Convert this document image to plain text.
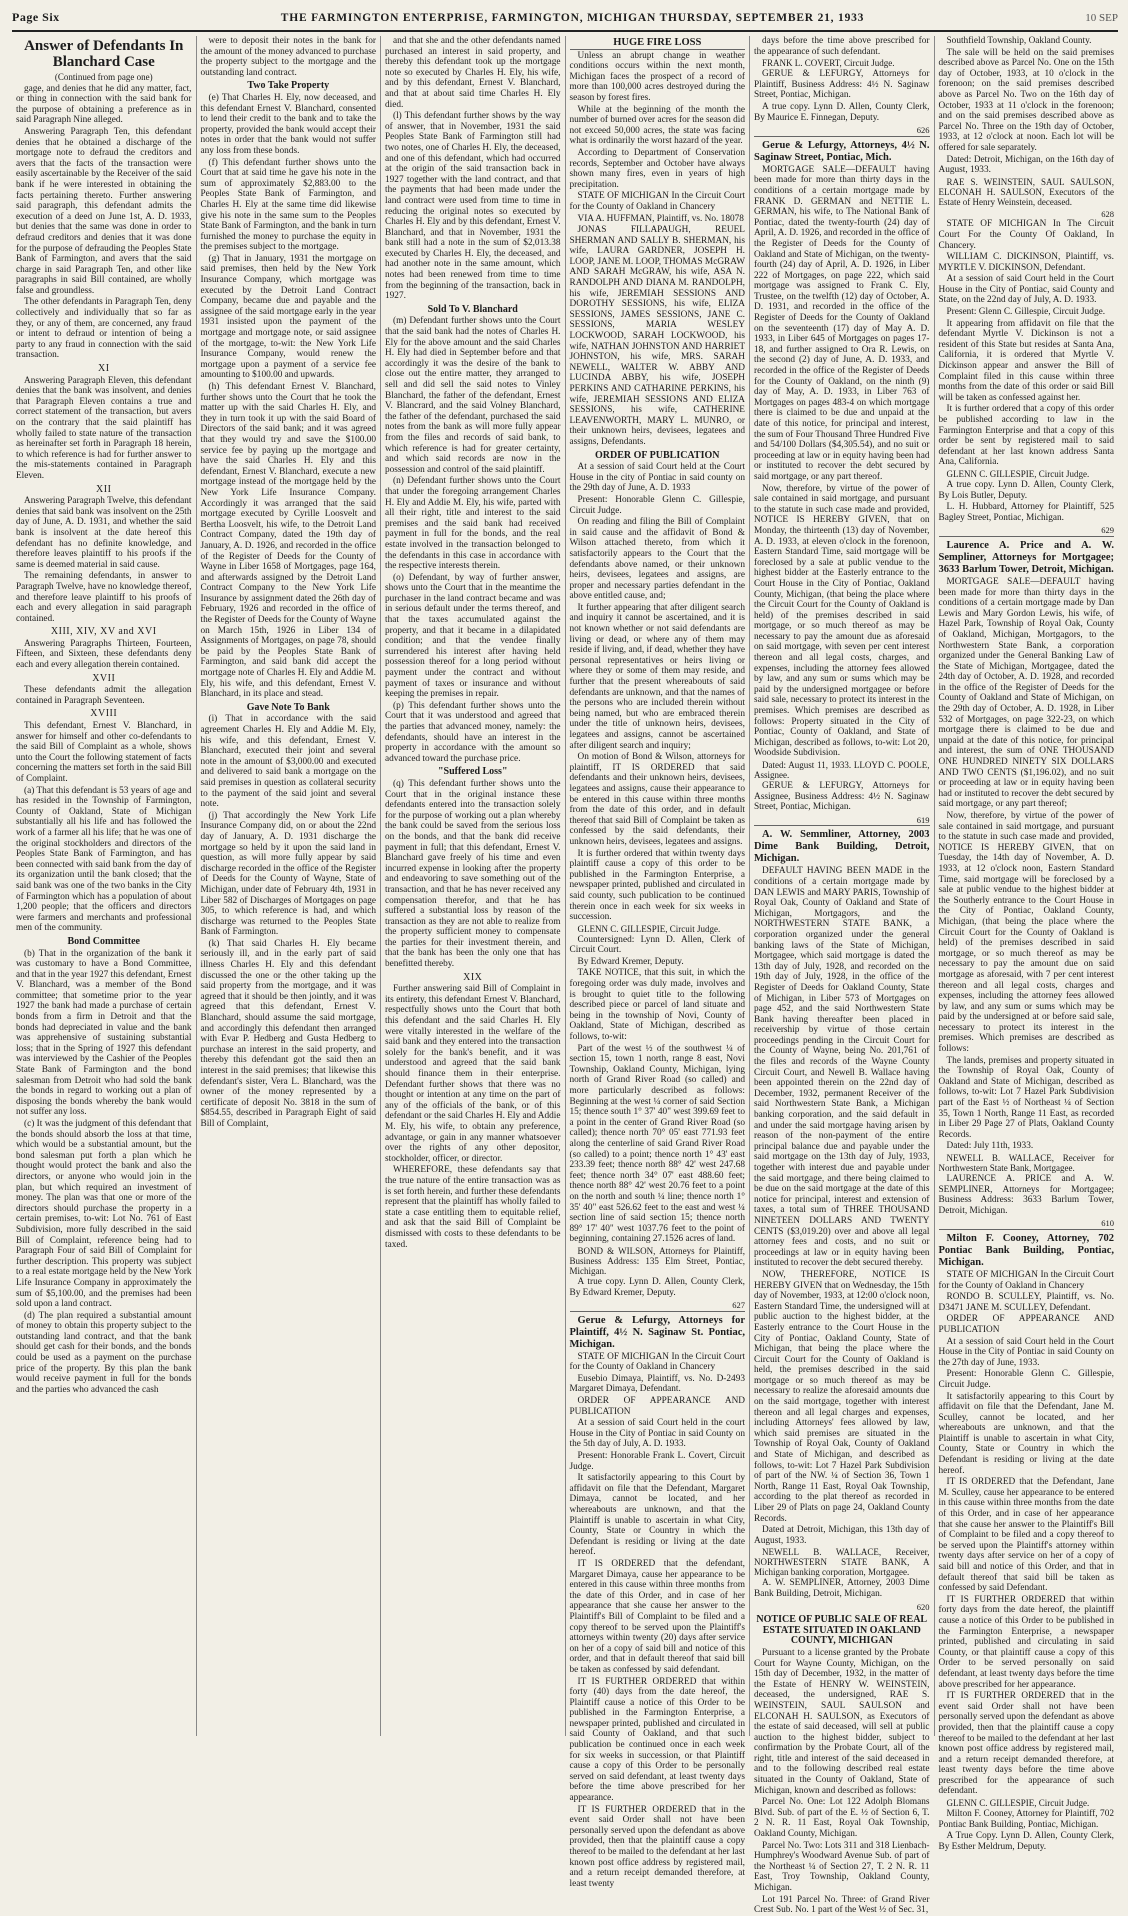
Page Six	THE FARMINGTON ENTERPRISE, FARMINGTON, MICHIGAN THURSDAY, SEPTEMBER 21, 1933	10 SEP
Answer of Defendants In Blanchard Case
(Continued from page one)

gage, and denies that he did any matter, fact, or thing in connection with the said bank for the purpose of obtaining a preference as in said Paragraph Nine alleged.

Answering Paragraph Ten, this defendant denies that he obtained a discharge of the mortgage note to defraud the creditors and avers that the facts of the transaction were easily ascertainable by the Receiver of the said bank if he were interested in obtaining the facts pertaining thereto. Further answering said paragraph, this defendant admits the execution of a deed on June 1st, A. D. 1933, but denies that the same was done in order to defraud creditors and denies that it was done for the purpose of defrauding the Peoples State Bank of Farmington, and avers that the said charge in said Paragraph Ten, and other like paragraphs in said Bill contained, are wholly false and groundless.

The other defendants in Paragraph Ten, deny collectively and individually that so far as they, or any of them, are concerned, any fraud or intent to defraud or intention of being a party to any fraud in connection with the said transaction.

XI

Answering Paragraph Eleven, this defendant denies that the bank was insolvent, and denies that Paragraph Eleven contains a true and correct statement of the transaction, but avers on the contrary that the said plaintiff has wholly failed to state nature of the transaction as hereinafter set forth in Paragraph 18 herein, to which reference is had for further answer to the mis-statements contained in Paragraph Eleven.

XII

Answering Paragraph Twelve, this defendant denies that said bank was insolvent on the 25th day of June, A. D. 1931, and whether the said bank is insolvent at the date hereof this defendant has no definite knowledge, and therefore leaves plaintiff to his proofs if the same is deemed material in said cause.

The remaining defendants, in answer to Paragraph Twelve, have no knowledge thereof, and therefore leave plaintiff to his proofs of each and every allegation in said paragraph contained.

XIII, XIV, XV and XVI

Answering Paragraphs Thirteen, Fourteen, Fifteen, and Sixteen, these defendants deny each and every allegation therein contained.

XVII

These defendants admit the allegation contained in Paragraph Seventeen.

XVIII

This defendant, Ernest V. Blanchard, in answer for himself and other co-defendants to the said Bill of Complaint as a whole, shows unto the Court the following statement of facts concerning the matters set forth in the said Bill of Complaint.

(a) That this defendant is 53 years of age and has resided in the Township of Farmington, County of Oakland, State of Michigan substantially all his life and has followed the work of a farmer all his life; that he was one of the original stockholders and directors of the Peoples State Bank of Farmington, and has been connected with said bank from the day of its organization until the bank closed; that the said bank was one of the two banks in the City of Farmington which has a population of about 1,200 people; that the officers and directors were farmers and merchants and professional men of the community.

Bond Committee

(b) That in the organization of the bank it was customary to have a Bond Committee, and that in the year 1927 this defendant, Ernest V. Blanchard, was a member of the Bond committee; that sometime prior to the year 1927 the bank had made a purchase of certain bonds from a firm in Detroit and that the bonds had depreciated in value and the bank was apprehensive of sustaining substantial loss; that in the Spring of 1927 this defendant was interviewed by the Cashier of the Peoples State Bank of Farmington and the bond salesman from Detroit who had sold the bank the bonds in regard to working out a plan of disposing the bonds whereby the bank would not suffer any loss.

(c) It was the judgment of this defendant that the bonds should absorb the loss at that time, which would be a substantial amount, but the bond salesman put forth a plan which he thought would protect the bank and also the directors, or anyone who would join in the plan, but which required an investment of money. The plan was that one or more of the directors should purchase the property in a certain premises, to-wit: Lot No. 761 of East Subdivision, more fully described in the said Bill of Complaint, reference being had to Paragraph Four of said Bill of Complaint for further description. This property was subject to a real estate mortgage held by the New York Life Insurance Company in approximately the sum of $5,100.00, and the premises had been sold upon a land contract.

(d) The plan required a substantial amount of money to obtain this property subject to the outstanding land contract, and that the bank should get cash for their bonds, and the bonds could be used as a payment on the purchase price of the property. By this plan the bank would receive payment in full for the bonds and the parties who advanced the cash

were to deposit their notes in the bank for the amount of the money advanced to purchase the property subject to the mortgage and the outstanding land contract.

Two Take Property

(e) That Charles H. Ely, now deceased, and this defendant Ernest V. Blanchard, consented to lend their credit to the bank and to take the property, provided the bank would accept their notes in order that the bank would not suffer any loss from these bonds.

(f) This defendant further shows unto the Court that at said time he gave his note in the sum of approximately $2,883.00 to the Peoples State Bank of Farmington, and Charles H. Ely at the same time did likewise give his note in the same sum to the Peoples State Bank of Farmington, and the bank in turn furnished the money to purchase the equity in the premises subject to the mortgage.

(g) That in January, 1931 the mortgage on said premises, then held by the New York Insurance Company, which mortgage was executed by the Detroit Land Contract Company, became due and payable and the assignee of the said mortgage early in the year 1931 insisted upon the payment of the mortgage and mortgage note, or said assignee of the mortgage, to-wit: the New York Life Insurance Company, would renew the mortgage upon a payment of a service fee amounting to $100.00 and upwards.

(h) This defendant Ernest V. Blanchard, further shows unto the Court that he took the matter up with the said Charles H. Ely, and they in turn took it up with the said Board of Directors of the said bank; and it was agreed that they would try and save the $100.00 service fee by paying up the mortgage and have the said Charles H. Ely and this defendant, Ernest V. Blanchard, execute a new mortgage instead of the mortgage held by the New York Life Insurance Company. Accordingly it was arranged that the said mortgage executed by Cyrille Loosvelt and Bertha Loosvelt, his wife, to the Detroit Land Contract Company, dated the 19th day of January, A. D. 1926, and recorded in the office of the Register of Deeds for the County of Wayne in Liber 1658 of Mortgages, page 164, and afterwards assigned by the Detroit Land Contract Company to the New York Life Insurance by assignment dated the 26th day of February, 1926 and recorded in the office of the Register of Deeds for the County of Wayne on March 15th, 1926 in Liber 134 of Assignments of Mortgages, on page 78, should be paid by the Peoples State Bank of Farmington, and said bank did accept the mortgage note of Charles H. Ely and Addie M. Ely, his wife, and this defendant, Ernest V. Blanchard, in its place and stead.

Gave Note To Bank

(i) That in accordance with the said agreement Charles H. Ely and Addie M. Ely, his wife, and this defendant, Ernest V. Blanchard, executed their joint and several note in the amount of $3,000.00 and executed and delivered to said bank a mortgage on the said premises in question as collateral security to the payment of the said joint and several note.

(j) That accordingly the New York Life Insurance Company did, on or about the 22nd day of January, A. D. 1931 discharge the mortgage so held by it upon the said land in question, as will more fully appear by said discharge recorded in the office of the Register of Deeds for the County of Wayne, State of Michigan, under date of February 4th, 1931 in Liber 582 of Discharges of Mortgages on page 305, to which reference is had, and which discharge was returned to the Peoples State Bank of Farmington.

(k) That said Charles H. Ely became seriously ill, and in the early part of said illness Charles H. Ely and this defendant discussed the one or the other taking up the said property from the mortgage, and it was agreed that it should be then jointly, and it was agreed that this defendant, Ernest V. Blanchard, should assume the said mortgage, and accordingly this defendant then arranged with Evar P. Hedberg and Gusta Hedberg to purchase an interest in the said property, and thereby this defendant got the said then an interest in the said premises; that likewise this defendant's sister, Vera L. Blanchard, was the owner of the money represented by a certificate of deposit No. 3818 in the sum of $854.55, described in Paragraph Eight of said Bill of Complaint,

and that she and the other defendants named purchased an interest in said property, and thereby this defendant took up the mortgage note so executed by Charles H. Ely, his wife, and by this defendant, Ernest V. Blanchard, and that at about said time Charles H. Ely died.

(l) This defendant further shows by the way of answer, that in November, 1931 the said Peoples State Bank of Farmington still had two notes, one of Charles H. Ely, the deceased, and one of this defendant, which had occurred at the origin of the said transaction back in 1927 together with the land contract, and that the payments that had been made under the land contract were used from time to time in reducing the original notes so executed by Charles H. Ely and by this defendant, Ernest V. Blanchard, and that in November, 1931 the bank still had a note in the sum of $2,013.38 executed by Charles H. Ely, the deceased, and had another note in the same amount, which notes had been renewed from time to time from the beginning of the transaction, back in 1927.

Sold To V. Blanchard

(m) Defendant further shows unto the Court that the said bank had the notes of Charles H. Ely for the above amount and the said Charles H. Ely had died in September before and that accordingly it was the desire of the bank to close out the entire matter, they arranged to sell and did sell the said notes to Vinley Blanchard, the father of the defendant, Ernest V. Blancrard, and the said Volney Blanchard, the father of the defendant, purchased the said notes from the bank as will more fully appear from the files and records of said bank, to which reference is had for greater certainty, and which said records are now in the possession and control of the said plaintiff.

(n) Defendant further shows unto the Court that under the foregoing arrangement Charles H. Ely and Addie M. Ely, his wife, parted with all their right, title and interest to the said premises and the said bank had received payment in full for the bonds, and the real estate involved in the transaction belonged to the defendants in this case in accordance with the respective interests therein.

(o) Defendant, by way of further answer, shows unto the Court that in the meantime the purchaser in the land contract became and was in serious default under the terms thereof, and that the taxes accumulated against the property, and that it became in a dilapidated condition; and that the vendee finally surrendered his interest after having held possession thereof for a long period without payment under the contract and without payment of taxes or insurance and without keeping the premises in repair.

(p) This defendant further shows unto the Court that it was understood and agreed that the parties that advanced money, namely: the defendants, should have an interest in the property in accordance with the amount so advanced toward the purchase price.

"Suffered Loss"

(q) This defendant further shows unto the Court that in the original instance these defendants entered into the transaction solely for the purpose of working out a plan whereby the bank could be saved from the serious loss on the bonds, and that the bank did receive payment in full; that this defendant, Ernest V. Blanchard gave freely of his time and even incurred expense in looking after the property and endeavoring to save something out of the transaction, and that he has never received any compensation therefor, and that he has suffered a substantial loss by reason of the transaction as they are not able to realize from the property sufficient money to compensate the parties for their investment therein, and that the bank has been the only one that has benefitted thereby.

XIX

Further answering said Bill of Complaint in its entirety, this defendant Ernest V. Blanchard, respectfully shows unto the Court that both this defendant and the said Charles H. Ely were vitally interested in the welfare of the said bank and they entered into the transaction solely for the bank's benefit, and it was understood and agreed that the said bank should finance them in their enterprise. Defendant further shows that there was no thought or intention at any time on the part of any of the officials of the bank, or of this defendant or the said Charles H. Ely and Addie M. Ely, his wife, to obtain any preference, advantage, or gain in any manner whatsoever over the rights of any other depositor, stockholder, officer, or director.

WHEREFORE, these defendants say that the true nature of the entire transaction was as is set forth herein, and further these defendants represent that the plaintiff has wholly failed to state a case entitling them to equitable relief, and ask that the said Bill of Complaint be dismissed with costs to these defendants to be taxed.

HUGE FIRE LOSS

Unless an abrupt change in weather conditions occurs within the next month, Michigan faces the prospect of a record of more than 100,000 acres destroyed during the season by forest fires.

While at the beginning of the month the number of burned over acres for the season did not exceed 50,000 acres, the state was facing what is ordinarily the worst hazard of the year.

According to Department of Conservation records, September and October have always shown many fires, even in years of high precipitation.

STATE OF MICHIGAN In the Circuit Court for the County of Oakland in Chancery

VIA A. HUFFMAN, Plaintiff, vs. No. 18078

JONAS FILLAPAUGH, REUEL SHERMAN AND SALLY B. SHERMAN, his wife, LAURA GARDNER, JOSEPH H. LOOP, JANE M. LOOP, THOMAS McGRAW AND SARAH McGRAW, his wife, ASA N. RANDOLPH AND DIANA M. RANDOLPH, his wife, JEREMIAH SESSIONS AND DOROTHY SESSIONS, his wife, ELIZA SESSIONS, JAMES SESSIONS, JANE C. SESSIONS, MARIA WESLEY LOCKWOOD, SARAH LOCKWOOD, his wife, NATHAN JOHNSTON AND HARRIET JOHNSTON, his wife, MRS. SARAH NEWELL, WALTER W. ABBY AND LUCINDA ABBY, his wife, JOSEPH PERKINS AND CATHARINE PERKINS, his wife, JEREMIAH SESSIONS AND ELIZA SESSIONS, his wife, CATHERINE LEAVENWORTH, MARY L. MUNRO, or their unknown heirs, devisees, legatees and assigns, Defendants.

ORDER OF PUBLICATION

At a session of said Court held at the Court House in the city of Pontiac in said county on the 29th day of June, A. D. 1933

Present: Honorable Glenn C. Gillespie, Circuit Judge.

On reading and filing the Bill of Complaint in said cause and the affidavit of Bond & Wilson attached thereto, from which it satisfactorily appears to the Court that the defendants above named, or their unknown heirs, devisees, legatees and assigns, are proper and necessary parties defendant in the above entitled cause, and;

It further appearing that after diligent search and inquiry it cannot be ascertained, and it is not known whether or not said defendants are living or dead, or where any of them may reside if living, and, if dead, whether they have personal representatives or heirs living or where they or some of them may reside, and further that the present whereabouts of said defendants are unknown, and that the names of the persons who are included therein without being named, but who are embraced therein under the title of unknown heirs, devisees, legatees and assigns, cannot be ascertained after diligent search and inquiry;

On motion of Bond & Wilson, attorneys for plaintiff, IT IS ORDERED that said defendants and their unknown heirs, devisees, legatees and assigns, cause their appearance to be entered in this cause within three months from the date of this order, and in default thereof that said Bill of Complaint be taken as confessed by the said defendants, their unknown heirs, devisees, legatees and assigns.

It is further ordered that within twenty days plaintiff cause a copy of this order to be published in the Farmington Enterprise, a newspaper printed, published and circulated in said county, such publication to be continued therein once in each week for six weeks in succession.

GLENN C. GILLESPIE, Circuit Judge.

Countersigned: Lynn D. Allen, Clerk of Circuit Court.

By Edward Kremer, Deputy.

TAKE NOTICE, that this suit, in which the foregoing order was duly made, involves and is brought to quiet title to the following described piece or parcel of land situate and being in the township of Novi, County of Oakland, State of Michigan, described as follows, to-wit:

Part of the west ½ of the southwest ¼ of section 15, town 1 north, range 8 east, Novi Township, Oakland County, Michigan, lying north of Grand River Road (so called) and more particularly described as follows: Beginning at the west ¼ corner of said Section 15; thence south 1° 37' 40" west 399.69 feet to a point in the center of Grand River Road (so called); thence north 70° 05' east 771.93 feet along the centerline of said Grand River Road (so called) to a point; thence north 1° 43' east 233.39 feet; thence north 88° 42' west 247.68 feet; thence north 34° 07' east 488.60 feet; thence north 88° 42' west 20.76 feet to a point on the north and south ¼ line; thence north 1° 35' 40" east 526.62 feet to the east and west ¼ section line of said section 15; thence north 89° 17' 40" west 1037.76 feet to the point of beginning, containing 27.1526 acres of land.

BOND & WILSON, Attorneys for Plaintiff, Business Address: 135 Elm Street, Pontiac, Michigan.

A true copy. Lynn D. Allen, County Clerk, By Edward Kremer, Deputy.

627

Gerue & Lefurgy, Attorneys for Plaintiff, 4½ N. Saginaw St. Pontiac, Michigan.

STATE OF MICHIGAN In the Circuit Court for the County of Oakland in Chancery

Eusebio Dimaya, Plaintiff, vs. No. D-2493 Margaret Dimaya, Defendant.

ORDER OF APPEARANCE AND PUBLICATION

At a session of said Court held in the court House in the City of Pontiac in said County on the 5th day of July, A. D. 1933.

Present: Honorable Frank L. Covert, Circuit Judge.

It satisfactorily appearing to this Court by affidavit on file that the Defendant, Margaret Dimaya, cannot be located, and her whereabouts are unknown, and that the Plaintiff is unable to ascertain in what City, County, State or Country in which the Defendant is residing or living at the date hereof.

IT IS ORDERED that the defendant, Margaret Dimaya, cause her appearance to be entered in this cause within three months from the date of this Order, and in case of her appearance that she cause her answer to the Plaintiff's Bill of Complaint to be filed and a copy thereof to be served upon the Plaintiff's attorneys within twenty (20) days after service on her of a copy of said bill and notice of this order, and that in default thereof that said bill be taken as confessed by said defendant.

IT IS FURTHER ORDERED that within forty (40) days from the date hereof, the Plaintiff cause a notice of this Order to be published in the Farmington Enterprise, a newspaper printed, published and circulated in said County of Oakland, and that such publication be continued once in each week for six weeks in succession, or that Plaintiff cause a copy of this Order to be personally served on said defendant, at least twenty days before the time above prescribed for her appearance.

IT IS FURTHER ORDERED that in the event said Order shall not have been personally served upon the defendant as above provided, then that the plaintiff cause a copy thereof to be mailed to the defendant at her last known post office address by registered mail, and a return receipt demanded therefore, at least twenty

days before the time above prescribed for the appearance of such defendant.

FRANK L. COVERT, Circuit Judge.

GERUE & LEFURGY, Attorneys for Plaintiff, Business Address: 4½ N. Saginaw Street, Pontiac, Michigan.

A true copy. Lynn D. Allen, County Clerk, By Maurice E. Finnegan, Deputy.

626

Gerue & Lefurgy, Attorneys, 4½ N. Saginaw Street, Pontiac, Mich.

MORTGAGE SALE—DEFAULT having been made for more than thirty days in the conditions of a certain mortgage made by FRANK D. GERMAN and NETTIE L. GERMAN, his wife, to The National Bank of Pontiac, dated the twenty-fourth (24) day of April, A. D. 1926, and recorded in the office of the Register of Deeds for the County of Oakland and State of Michigan, on the twenty-fourth (24) day of April, A. D. 1926, in Liber 222 of Mortgages, on page 222, which said mortgage was assigned to Frank C. Ely, Trustee, on the twelfth (12) day of October, A. D. 1931, and recorded in the office of the Register of Deeds for the County of Oakland on the seventeenth (17) day of May A. D. 1933, in Liber 645 of Mortgages on pages 17-18, and further assigned to Ora R. Lewis, on the second (2) day of June, A. D. 1933, and recorded in the office of the Register of Deeds for the County of Oakland, on the ninth (9) day of May, A. D. 1933, in Liber 763 of Mortgages on pages 483-4 on which mortgage there is claimed to be due and unpaid at the date of this notice, for principal and interest, the sum of Four Thousand Three Hundred Five and 54/100 Dollars ($4,305.54), and no suit or proceeding at law or in equity having been had or instituted to recover the debt secured by said mortgage, or any part thereof.

Now, therefore, by virtue of the power of sale contained in said mortgage, and pursuant to the statute in such case made and provided, NOTICE IS HEREBY GIVEN, that on Monday, the thirteenth (13) day of November, A. D. 1933, at eleven o'clock in the forenoon, Eastern Standard Time, said mortgage will be foreclosed by a sale at public vendue to the highest bidder at the Easterly entrance to the Court House in the City of Pontiac, Oakland County, Michigan, (that being the place where the Circuit Court for the County of Oakland is held) of the premises described in said mortgage, or so much thereof as may be necessary to pay the amount due as aforesaid on said mortgage, with seven per cent interest thereon and all legal costs, charges, and expenses, including the attorney fees allowed by law, and any sum or sums which may be paid by the undersigned mortgagee or before said sale, necessary to protect its interest in the premises. Which premises are described as follows: Property situated in the City of Pontiac, County of Oakland, and State of Michigan, described as follows, to-wit: Lot 20, Woodside Subdivision.

Dated: August 11, 1933. LLOYD C. POOLE, Assignee.

GERUE & LEFURGY, Attorneys for Assignee, Business Address: 4½ N. Saginaw Street, Pontiac, Michigan.

619

A. W. Semmliner, Attorney, 2003 Dime Bank Building, Detroit, Michigan.

DEFAULT HAVING BEEN MADE in the conditions of a certain mortgage made by DAN LEWIS and MARY PARIS, Township of Royal Oak, County of Oakland and State of Michigan, Mortgagors, and the NORTHWESTERN STATE BANK, a corporation organized under the general banking laws of the State of Michigan, Mortgagee, which said mortgage is dated the 13th day of July, 1928, and recorded on the 19th day of July, 1928, in the office of the Register of Deeds for Oakland County, State of Michigan, in Liber 573 of Mortgages on page 452, and the said Northwestern State Bank having thereafter been placed in receivership by virtue of those certain proceedings pending in the Circuit Court for the County of Wayne, being No. 201,761 of the files and records of the Wayne County Circuit Court, and Newell B. Wallace having been appointed therein on the 22nd day of December, 1932, permanent Receiver of the said Northwestern State Bank, a Michigan banking corporation, and the said default in and under the said mortgage having arisen by reason of the non-payment of the entire principal balance due and payable under the said mortgage on the 13th day of July, 1933, together with interest due and payable under the said mortgage, and there being claimed to be due on the said mortgage at the date of this notice for principal, interest and extension of taxes, a total sum of THREE THOUSAND NINETEEN DOLLARS AND TWENTY CENTS ($3,019.20) over and above all legal attorney fees and costs, and no suit or proceedings at law or in equity having been instituted to recover the debt secured thereby.

NOW, THEREFORE, NOTICE IS HEREBY GIVEN that on Wednesday, the 15th day of November, 1933, at 12:00 o'clock noon, Eastern Standard Time, the undersigned will at public auction to the highest bidder, at the Easterly entrance to the Court House in the City of Pontiac, Oakland County, State of Michigan, that being the place where the Circuit Court for the County of Oakland is held, the premises described in the said mortgage or so much thereof as may be necessary to realize the aforesaid amounts due on the said mortgage, together with interest thereon and all legal charges and expenses, including Attorneys' fees allowed by law, which said premises are situated in the Township of Royal Oak, County of Oakland and State of Michigan, and described as follows, to-wit: Lot 7 Hazel Park Subdivision of part of the NW. ¼ of Section 36, Town 1 North, Range 11 East, Royal Oak Township, according to the plat thereof as recorded in Liber 29 of Plats on page 24, Oakland County Records.

Dated at Detroit, Michigan, this 13th day of August, 1933.

NEWELL B. WALLACE, Receiver, NORTHWESTERN STATE BANK, A Michigan banking corporation, Mortgagee.

A. W. SEMPLINER, Attorney, 2003 Dime Bank Building, Detroit, Michigan.

620
NOTICE OF PUBLIC SALE OF REAL ESTATE SITUATED IN OAKLAND COUNTY, MICHIGAN

Pursuant to a license granted by the Probate Court for Wayne County, Michigan, on the 15th day of December, 1932, in the matter of the Estate of HENRY W. WEINSTEIN, deceased, the undersigned, RAE S. WEINSTEIN, SAUL SAULSON and ELCONAH H. SAULSON, as Executors of the estate of said deceased, will sell at public auction to the highest bidder, subject to confirmation by the Probate Court, all of the right, title and interest of the said deceased in and to the following described real estate situated in the County of Oakland, State of Michigan, known and described as follows:

Parcel No. One: Lot 122 Adolph Blomans Blvd. Sub. of part of the E. ½ of Section 6, T. 2 N. R. 11 East, Royal Oak Township, Oakland County, Michigan.

Parcel No. Two: Lots 311 and 318 Lienbach-Humphrey's Woodward Avenue Sub. of part of the Northeast ¼ of Section 27, T. 2 N. R. 11 East, Troy Township, Oakland County, Michigan.

Lot 191 Parcel No. Three: of Grand River Crest Sub. No. 1 part of the West ½ of Sec. 31,

Southfield Township, Oakland County.

The sale will be held on the said premises described above as Parcel No. One on the 15th day of October, 1933, at 10 o'clock in the forenoon; on the said premises described above as Parcel No. Two on the 16th day of October, 1933 at 11 o'clock in the forenoon; and on the said premises described above as Parcel No. Three on the 19th day of October, 1933, at 12 o'clock at noon. Each lot will be offered for sale separately.

Dated: Detroit, Michigan, on the 16th day of August, 1933.

RAE S. WEINSTEIN, SAUL SAULSON, ELCONAH H. SAULSON, Executors of the Estate of Henry Weinstein, deceased.

628

STATE OF MICHIGAN In The Circuit Court For the County Of Oakland, In Chancery.

WILLIAM C. DICKINSON, Plaintiff, vs. MYRTLE V. DICKINSON, Defendant.

At a session of said Court held in the Court House in the City of Pontiac, said County and State, on the 22nd day of July, A. D. 1933.

Present: Glenn C. Gillespie, Circuit Judge.

It appearing from affidavit on file that the defendant Myrtle V. Dickinson is not a resident of this State but resides at Santa Ana, California, it is ordered that Myrtle V. Dickinson appear and answer the Bill of Complaint filed in this cause within three months from the date of this order or said Bill will be taken as confessed against her.

It is further ordered that a copy of this order be published according to law in the Farmington Enterprise and that a copy of this order be sent by registered mail to said defendant at her last known address Santa Ana, California.

GLENN C. GILLESPIE, Circuit Judge.

A true copy. Lynn D. Allen, County Clerk, By Lois Butler, Deputy.

L. H. Hubbard, Attorney for Plaintiff, 525 Bagley Street, Pontiac, Michigan.

629

Laurence A. Price and A. W. Sempliner, Attorneys for Mortgagee; 3633 Barlum Tower, Detroit, Michigan.

MORTGAGE SALE—DEFAULT having been made for more than thirty days in the conditions of a certain mortgage made by Dan Lewis and Mary Gordon Lewis, his wife, of Hazel Park, Township of Royal Oak, County of Oakland, Michigan, Mortgagors, to the Northwestern State Bank, a corporation organized under the General Banking Law of the State of Michigan, Mortgagee, dated the 24th day of October, A. D. 1928, and recorded in the office of the Register of Deeds for the County of Oakland and State of Michigan, on the 29th day of October, A. D. 1928, in Liber 532 of Mortgages, on page 322-23, on which mortgage there is claimed to be due and unpaid at the date of this notice, for principal and interest, the sum of ONE THOUSAND ONE HUNDRED NINETY SIX DOLLARS AND TWO CENTS ($1,196.02), and no suit or proceeding at law or in equity having been had or instituted to recover the debt secured by said mortgage, or any part thereof;

Now, therefore, by virtue of the power of sale contained in said mortgage, and pursuant to the statute in such case made and provided, NOTICE IS HEREBY GIVEN, that on Tuesday, the 14th day of November, A. D. 1933, at 12 o'clock noon, Eastern Standard Time, said mortgage will be foreclosed by a sale at public vendue to the highest bidder at the Southerly entrance to the Court House in the City of Pontiac, Oakland County, Michigan, (that being the place where the Circuit Court for the County of Oakland is held) of the premises described in said mortgage, or so much thereof as may be necessary to pay the amount due on said mortgage as aforesaid, with 7 per cent interest thereon and all legal costs, charges and expenses, including the attorney fees allowed by law, and any sum or sums which may be paid by the undersigned at or before said sale, necessary to protect its interest in the premises. Which premises are described as follows:

The lands, premises and property situated in the Township of Royal Oak, County of Oakland and State of Michigan, described as follows, to-wit: Lot 7 Hazel Park Subdivision part of the East ½ of Northeast ¼ of Section 35, Town 1 North, Range 11 East, as recorded in Liber 29 Page 27 of Plats, Oakland County Records.

Dated: July 11th, 1933.

NEWELL B. WALLACE, Receiver for Northwestern State Bank, Mortgagee.

LAURENCE A. PRICE and A. W. SEMPLINER, Attorneys for Mortgagee; Business Address: 3633 Barlum Tower, Detroit, Michigan.

610

Milton F. Cooney, Attorney, 702 Pontiac Bank Building, Pontiac, Michigan.

STATE OF MICHIGAN In the Circuit Court for the County of Oakland in Chancery

RONDO B. SCULLEY, Plaintiff, vs. No. D3471 JANE M. SCULLEY, Defendant.

ORDER OF APPEARANCE AND PUBLICATION

At a session of said Court held in the Court House in the City of Pontiac in said County on the 27th day of June, 1933.

Present: Honorable Glenn C. Gillespie, Circuit Judge.

It satisfactorily appearing to this Court by affidavit on file that the Defendant, Jane M. Sculley, cannot be located, and her whereabouts are unknown, and that the Plaintiff is unable to ascertain in what City, County, State or Country in which the Defendant is residing or living at the date hereof.

IT IS ORDERED that the Defendant, Jane M. Sculley, cause her appearance to be entered in this cause within three months from the date of this Order, and in case of her appearance that she cause her answer to the Plaintiff's Bill of Complaint to be filed and a copy thereof to be served upon the Plaintiff's attorney within twenty days after service on her of a copy of said bill and notice of this Order, and that in default thereof that said bill be taken as confessed by said Defendant.

IT IS FURTHER ORDERED that within forty days from the date hereof, the plaintiff cause a notice of this Order to be published in the Farmington Enterprise, a newspaper printed, published and circulating in said County, or that plaintiff cause a copy of this Order to be served personally on said defendant, at least twenty days before the time above prescribed for her appearance.

IT IS FURTHER ORDERED that in the event said Order shall not have been personally served upon the defendant as above provided, then that the plaintiff cause a copy thereof to be mailed to the defendant at her last known post office address by registered mail, and a return receipt demanded therefore, at least twenty days before the time above prescribed for the appearance of such defendant.

GLENN C. GILLESPIE, Circuit Judge.

Milton F. Cooney, Attorney for Plaintiff, 702 Pontiac Bank Building, Pontiac, Michigan.

A True Copy. Lynn D. Allen, County Clerk, By Esther Meldrum, Deputy.
